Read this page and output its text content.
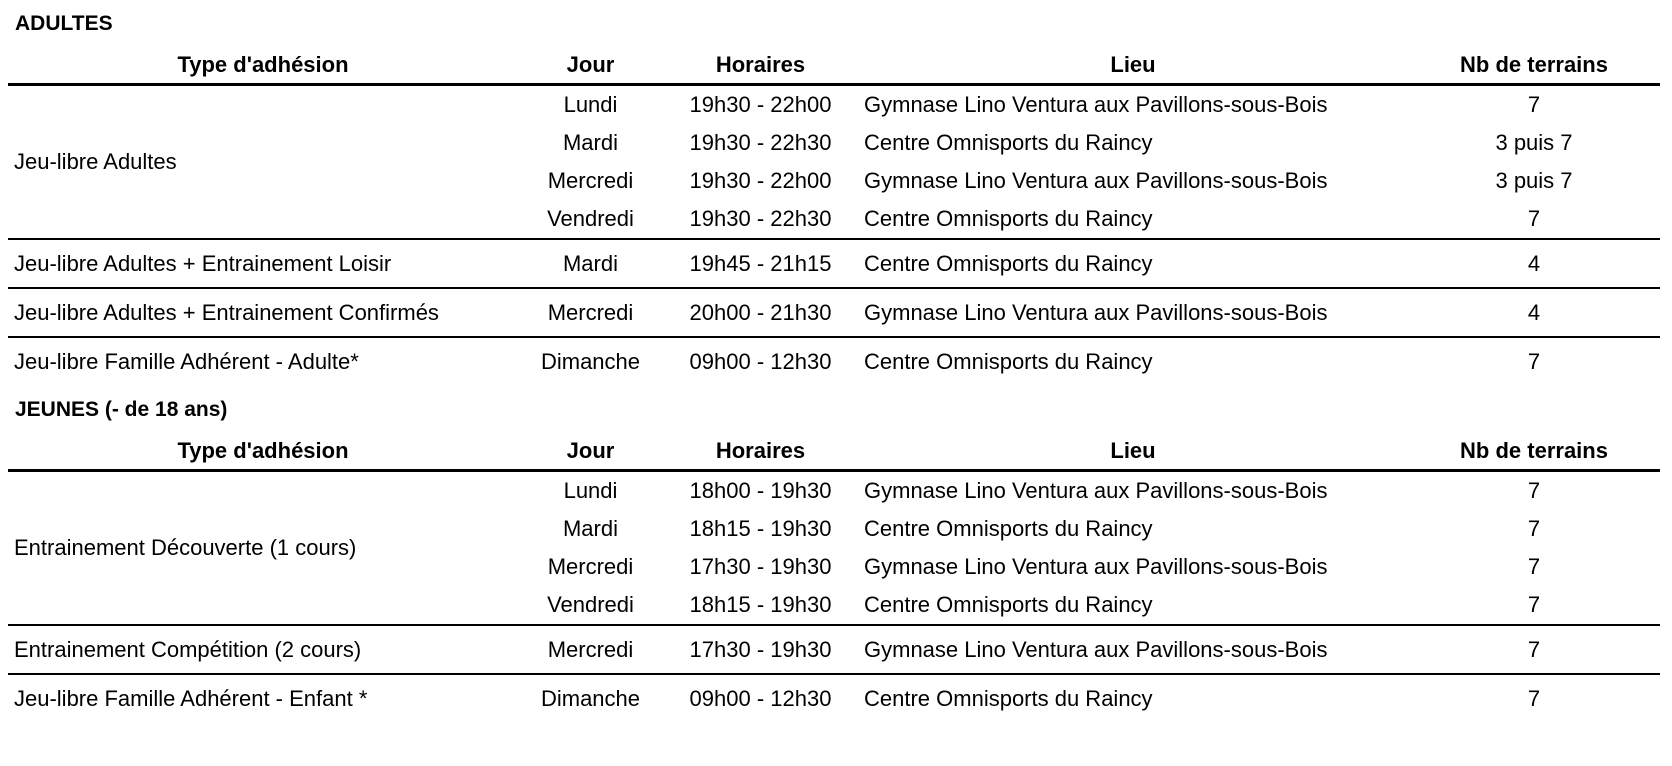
ADULTES
Type d'adhésion	Jour	Horaires	Lieu	Nb de terrains
Jeu-libre Adultes	Lundi	19h30 - 22h00	Gymnase Lino Ventura aux Pavillons-sous-Bois	7
	Mardi	19h30 - 22h30	Centre Omnisports du Raincy	3 puis 7
	Mercredi	19h30 - 22h00	Gymnase Lino Ventura aux Pavillons-sous-Bois	3 puis 7
	Vendredi	19h30 - 22h30	Centre Omnisports du Raincy	7
Jeu-libre Adultes + Entrainement Loisir	Mardi	19h45 - 21h15	Centre Omnisports du Raincy	4
Jeu-libre Adultes + Entrainement Confirmés	Mercredi	20h00 - 21h30	Gymnase Lino Ventura aux Pavillons-sous-Bois	4
Jeu-libre Famille Adhérent - Adulte*	Dimanche	09h00 - 12h30	Centre Omnisports du Raincy	7
JEUNES (- de 18 ans)
Type d'adhésion	Jour	Horaires	Lieu	Nb de terrains
Entrainement Découverte (1 cours)	Lundi	18h00 - 19h30	Gymnase Lino Ventura aux Pavillons-sous-Bois	7
	Mardi	18h15 - 19h30	Centre Omnisports du Raincy	7
	Mercredi	17h30 - 19h30	Gymnase Lino Ventura aux Pavillons-sous-Bois	7
	Vendredi	18h15 - 19h30	Centre Omnisports du Raincy	7
Entrainement Compétition (2 cours)	Mercredi	17h30 - 19h30	Gymnase Lino Ventura aux Pavillons-sous-Bois	7
Jeu-libre Famille Adhérent - Enfant *	Dimanche	09h00 - 12h30	Centre Omnisports du Raincy	7
